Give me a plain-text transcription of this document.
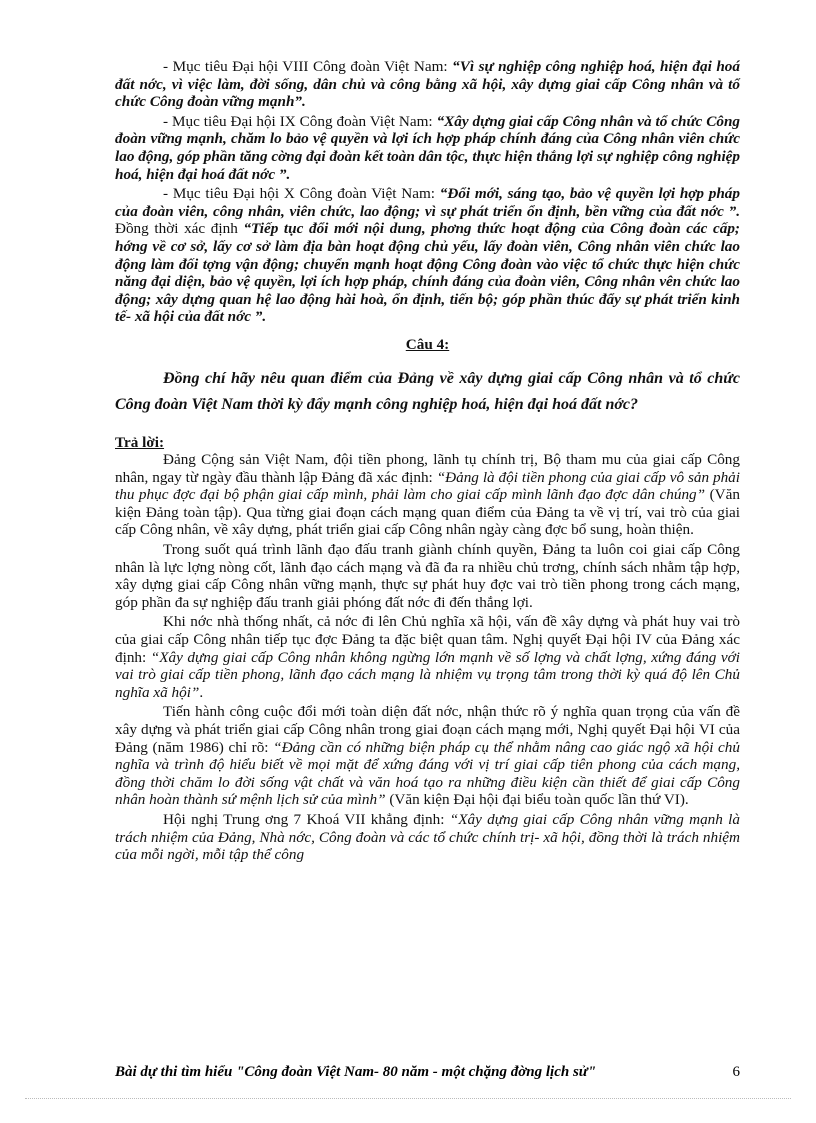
- Mục tiêu Đại hội VIII Công đoàn Việt Nam: “Vì sự nghiệp công nghiệp hoá, hiện đại hoá đất nớc, vì việc làm, đời sống, dân chủ và công bằng xã hội, xây dựng giai cấp Công nhân và tổ chức Công đoàn vững mạnh”.

- Mục tiêu Đại hội IX Công đoàn Việt Nam: “Xây dựng giai cấp Công nhân và tổ chức Công đoàn vững mạnh, chăm lo bảo vệ quyền và lợi ích hợp pháp chính đáng của Công nhân viên chức lao động, góp phần tăng cờng đại đoàn kết toàn dân tộc, thực hiện thắng lợi sự nghiệp công nghiệp hoá, hiện đại hoá đất nớc ”.

- Mục tiêu Đại hội X Công đoàn Việt Nam: “Đổi mới, sáng tạo, bảo vệ quyền lợi hợp pháp của đoàn viên, công nhân, viên chức, lao động; vì sự phát triển ổn định, bền vững của đất nớc ”. Đồng thời xác định “Tiếp tục đổi mới nội dung, phơng thức hoạt động của Công đoàn các cấp; hớng về cơ sở, lấy cơ sở làm địa bàn hoạt động chủ yếu, lấy đoàn viên, Công nhân viên chức lao động làm đối tợng vận động; chuyển mạnh hoạt động Công đoàn vào việc tổ chức thực hiện chức năng đại diện, bảo vệ quyền, lợi ích hợp pháp, chính đáng của đoàn viên, Công nhân vên chức lao động; xây dựng quan hệ lao động hài hoà, ổn định, tiến bộ; góp phần thúc đẩy sự phát triển kinh tế- xã hội của đất nớc ”.

Câu 4:

Đồng chí hãy nêu quan điểm của Đảng về xây dựng giai cấp Công nhân và tổ chức Công đoàn Việt Nam thời kỳ đẩy mạnh công nghiệp hoá, hiện đại hoá đất nớc?

Trả lời:

Đảng Cộng sản Việt Nam, đội tiền phong, lãnh tụ chính trị, Bộ tham mu của giai cấp Công nhân, ngay từ ngày đầu thành lập Đảng đã xác định: “Đảng là đội tiền phong của giai cấp vô sản phải thu phục đợc đại bộ phận giai cấp mình, phải làm cho giai cấp mình lãnh đạo đợc dân chúng” (Văn kiện Đảng toàn tập). Qua từng giai đoạn cách mạng quan điểm của Đảng ta về vị trí, vai trò của giai cấp Công nhân, về xây dựng, phát triển giai cấp Công nhân ngày càng đợc bổ sung, hoàn thiện.

Trong suốt quá trình lãnh đạo đấu tranh giành chính quyền, Đảng ta luôn coi giai cấp Công nhân là lực lợng nòng cốt, lãnh đạo cách mạng và đã đa ra nhiều chủ trơng, chính sách nhằm tập hợp, xây dựng giai cấp Công nhân vững mạnh, thực sự phát huy đợc vai trò tiền phong trong cách mạng, góp phần đa sự nghiệp đấu tranh giải phóng đất nớc đi đến thắng lợi.

Khi nớc nhà thống nhất, cả nớc đi lên Chủ nghĩa xã hội, vấn đề xây dựng và phát huy vai trò của giai cấp Công nhân tiếp tục đợc Đảng ta đặc biệt quan tâm. Nghị quyết Đại hội IV của Đảng xác định: “Xây dựng giai cấp Công nhân không ngừng lớn mạnh về số lợng và chất lợng, xứng đáng với vai trò giai cấp tiền phong, lãnh đạo cách mạng là nhiệm vụ trọng tâm trong thời kỳ quá độ lên Chủ nghĩa xã hội”.

Tiến hành công cuộc đổi mới toàn diện đất nớc, nhận thức rõ ý nghĩa quan trọng của vấn đề xây dựng và phát triển giai cấp Công nhân trong giai đoạn cách mạng mới, Nghị quyết Đại hội VI của Đảng (năm 1986) chỉ rõ: “Đảng cần có những biện pháp cụ thể nhằm nâng cao giác ngộ xã hội chủ nghĩa và trình độ hiểu biết về mọi mặt để xứng đáng với vị trí giai cấp tiên phong của cách mạng, đồng thời chăm lo đời sống vật chất và văn hoá tạo ra những điều kiện cần thiết để giai cấp Công nhân hoàn thành sứ mệnh lịch sử của mình” (Văn kiện Đại hội đại biểu toàn quốc lần thứ VI).

Hội nghị Trung ơng 7 Khoá VII khẳng định: “Xây dựng giai cấp Công nhân vững mạnh là trách nhiệm của Đảng, Nhà nớc, Công đoàn và các tổ chức chính trị- xã hội, đồng thời là trách nhiệm của mỗi ngời, mỗi tập thể công

Bài dự thi tìm hiểu "Công đoàn Việt Nam- 80 năm - một chặng đờng lịch sử"	6
